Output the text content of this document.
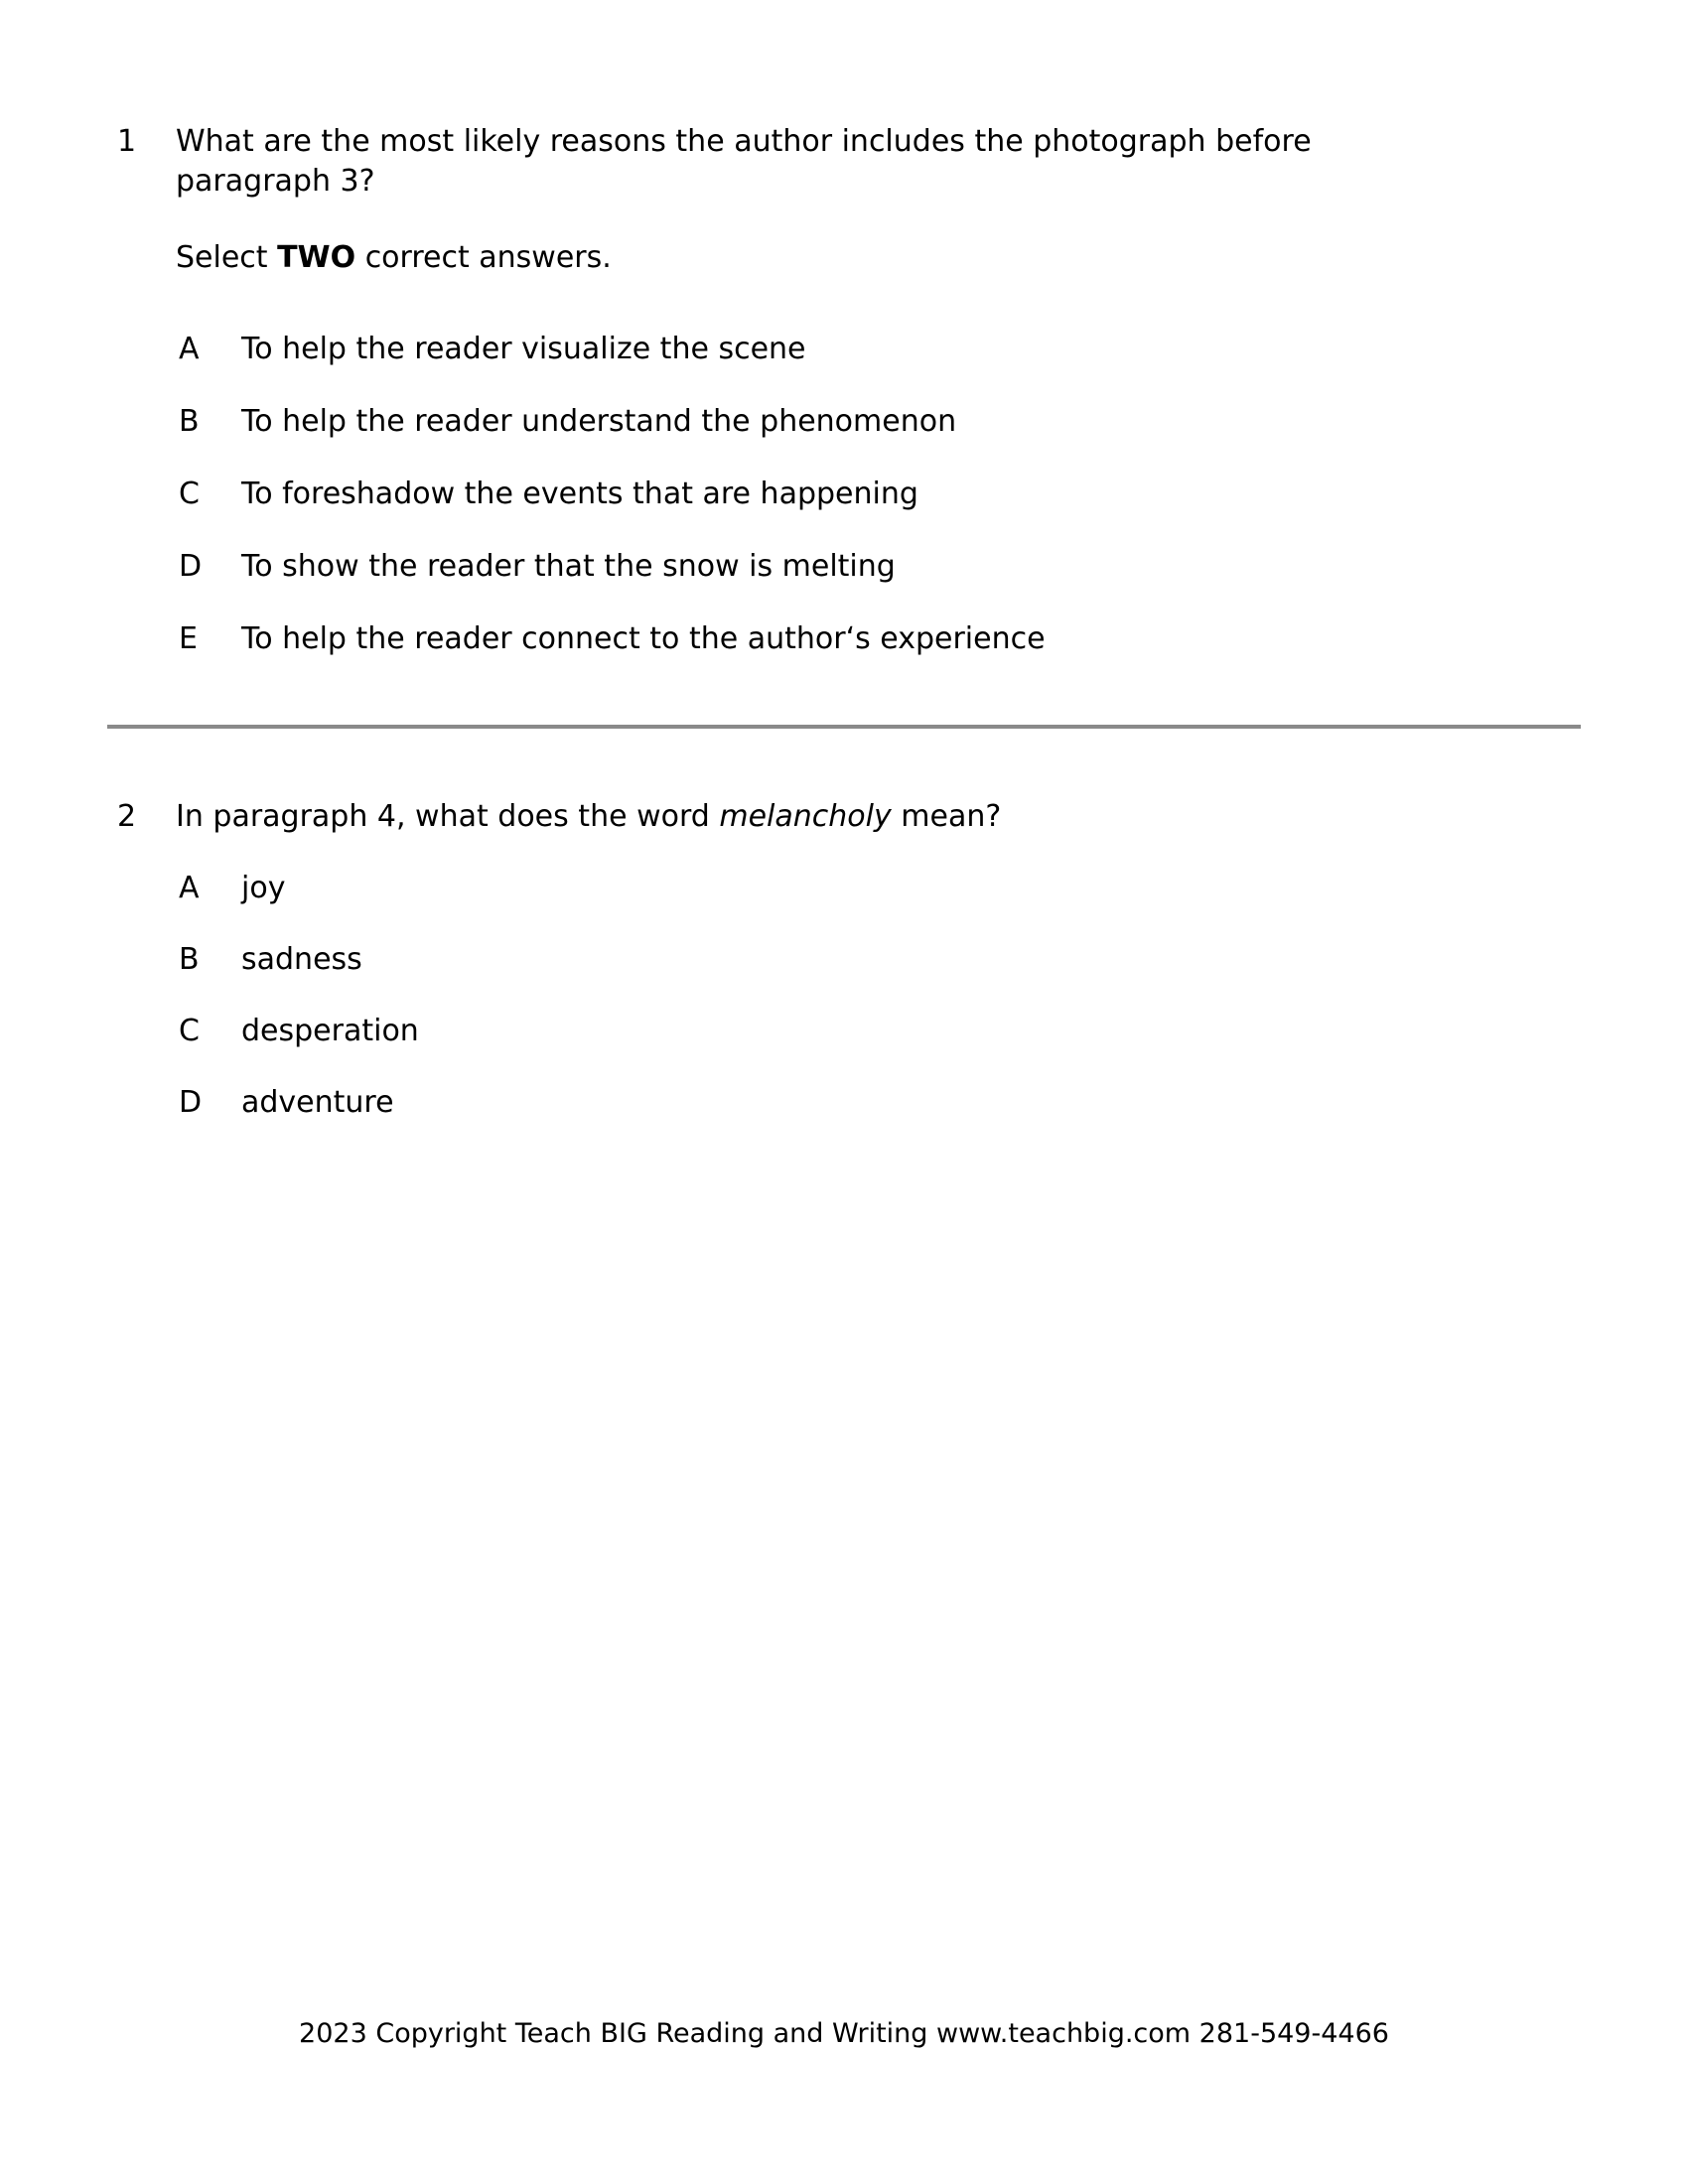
1	What are the most likely reasons the author includes the photograph before paragraph 3?
Select TWO correct answers.
A	To help the reader visualize the scene
B	To help the reader understand the phenomenon
C	To foreshadow the events that are happening
D	To show the reader that the snow is melting
E	To help the reader connect to the author‘s experience
2	In paragraph 4, what does the word melancholy mean?
A	joy
B	sadness
C	desperation
D	adventure
2023 Copyright Teach BIG Reading and Writing www.teachbig.com 281-549-4466
